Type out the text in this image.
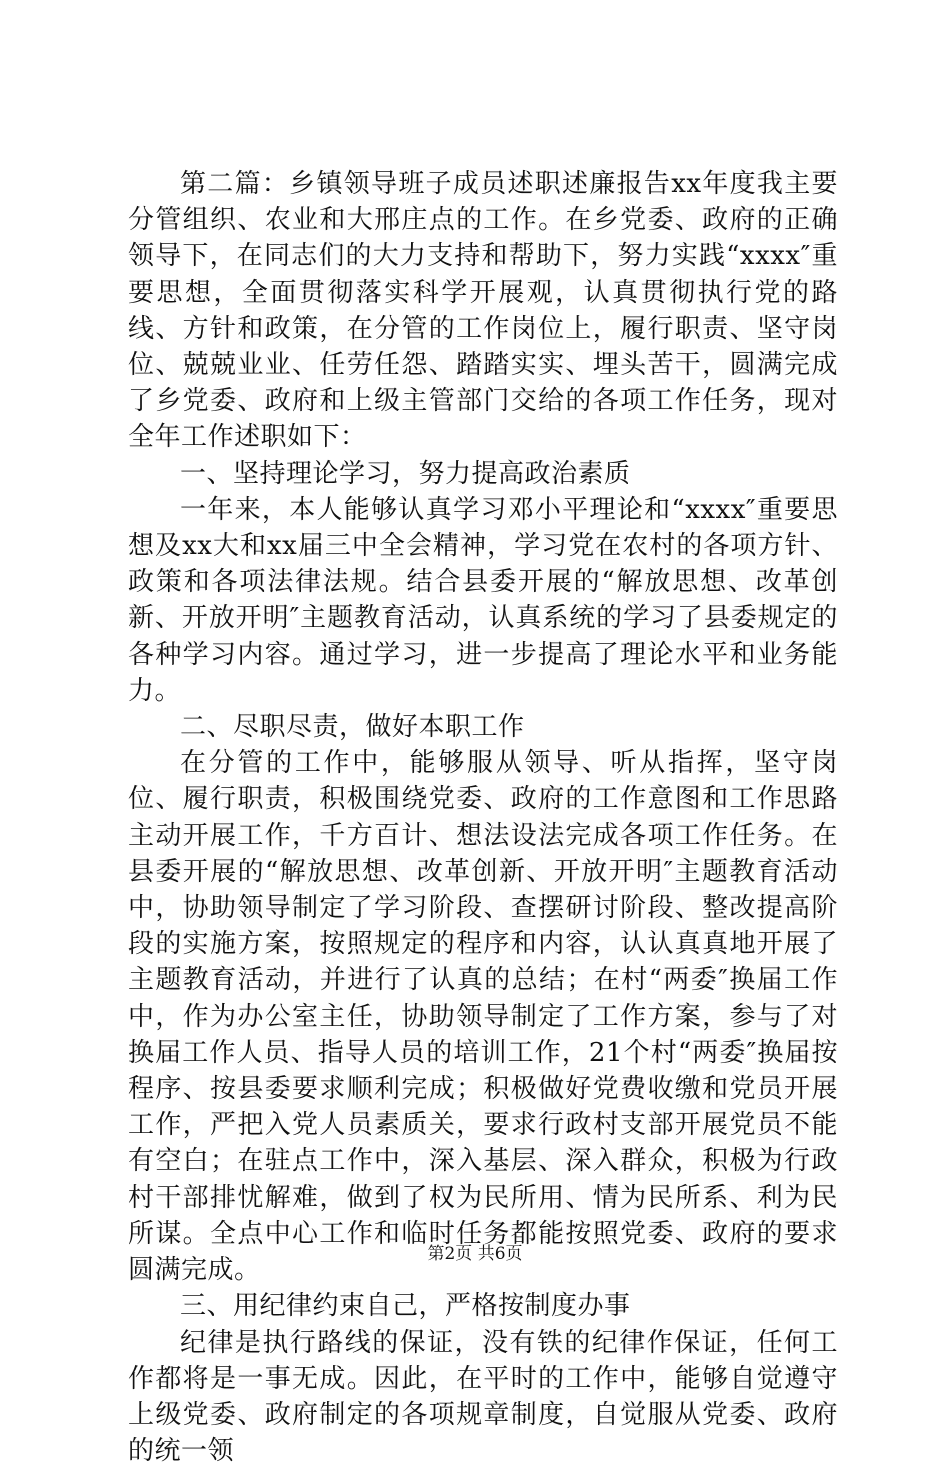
第二篇：乡镇领导班子成员述职述廉报告xx年度我主要分管组织、农业和大邢庄点的工作。在乡党委、政府的正确领导下，在同志们的大力支持和帮助下，努力实践“xxxx″重要思想，全面贯彻落实科学开展观，认真贯彻执行党的路线、方针和政策，在分管的工作岗位上，履行职责、坚守岗位、兢兢业业、任劳任怨、踏踏实实、埋头苦干，圆满完成了乡党委、政府和上级主管部门交给的各项工作任务，现对全年工作述职如下：

一、坚持理论学习，努力提高政治素质

一年来，本人能够认真学习邓小平理论和“xxxx″重要思想及xx大和xx届三中全会精神，学习党在农村的各项方针、政策和各项法律法规。结合县委开展的“解放思想、改革创新、开放开明″主题教育活动，认真系统的学习了县委规定的各种学习内容。通过学习，进一步提高了理论水平和业务能力。

二、尽职尽责，做好本职工作

在分管的工作中，能够服从领导、听从指挥，坚守岗位、履行职责，积极围绕党委、政府的工作意图和工作思路主动开展工作，千方百计、想法设法完成各项工作任务。在县委开展的“解放思想、改革创新、开放开明″主题教育活动中，协助领导制定了学习阶段、查摆研讨阶段、整改提高阶段的实施方案，按照规定的程序和内容，认认真真地开展了主题教育活动，并进行了认真的总结；在村“两委″换届工作中，作为办公室主任，协助领导制定了工作方案，参与了对换届工作人员、指导人员的培训工作，21个村“两委″换届按程序、按县委要求顺利完成；积极做好党费收缴和党员开展工作，严把入党人员素质关，要求行政村支部开展党员不能有空白；在驻点工作中，深入基层、深入群众，积极为行政村干部排忧解难，做到了权为民所用、情为民所系、利为民所谋。全点中心工作和临时任务都能按照党委、政府的要求圆满完成。

三、用纪律约束自己，严格按制度办事

纪律是执行路线的保证，没有铁的纪律作保证，任何工作都将是一事无成。因此，在平时的工作中，能够自觉遵守上级党委、政府制定的各项规章制度，自觉服从党委、政府的统一领

第2页 共6页
